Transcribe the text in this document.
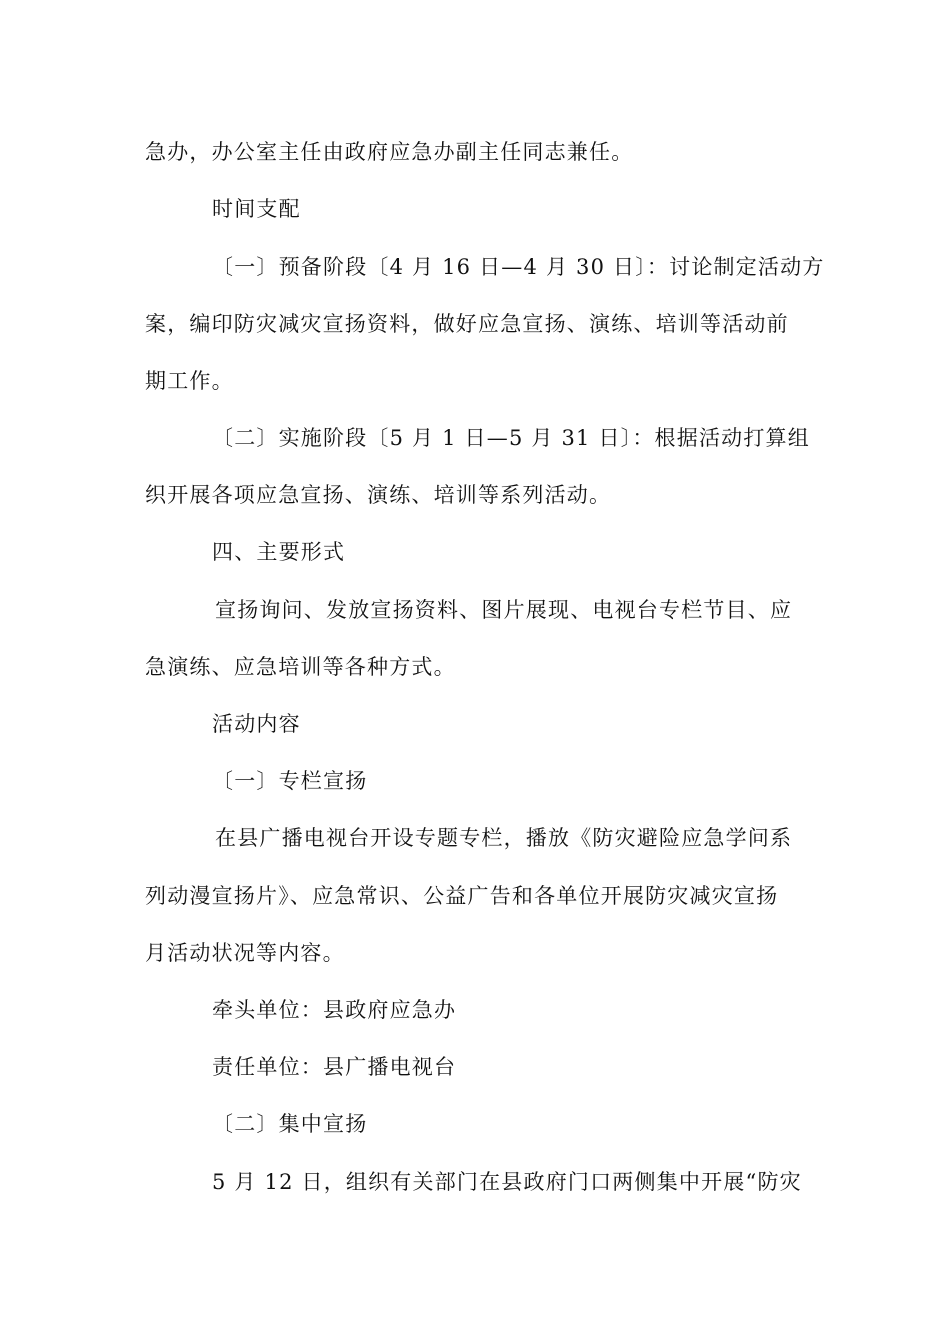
急办，办公室主任由政府应急办副主任同志兼任。
时间支配
〔一〕预备阶段〔4 月 16 日—4 月 30 日〕：讨论制定活动方
案，编印防灾减灾宣扬资料，做好应急宣扬、演练、培训等活动前
期工作。
〔二〕实施阶段〔5 月 1 日—5 月 31 日〕：根据活动打算组
织开展各项应急宣扬、演练、培训等系列活动。
四、主要形式
宣扬询问、发放宣扬资料、图片展现、电视台专栏节目、应
急演练、应急培训等各种方式。
活动内容
〔一〕专栏宣扬
在县广播电视台开设专题专栏，播放《防灾避险应急学问系
列动漫宣扬片》、应急常识、公益广告和各单位开展防灾减灾宣扬
月活动状况等内容。
牵头单位：县政府应急办
责任单位：县广播电视台
〔二〕集中宣扬
5 月 12 日，组织有关部门在县政府门口两侧集中开展“防灾
